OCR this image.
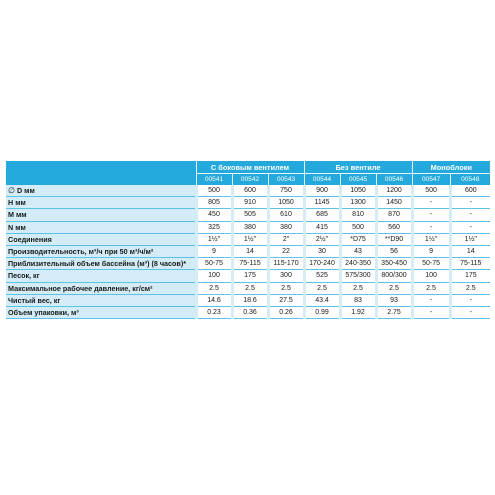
	С боковым вентилем			Без вентиле			Моноблоки	
	00541	00542	00543	00544	00545	00546	00547	00548
∅ D мм	500	600	750	900	1050	1200	500	600
H мм	805	910	1050	1145	1300	1450	-	-
M мм	450	505	610	685	810	870	-	-
N мм	325	380	380	415	500	560	-	-
Соединения	1½"	1½"	2"	2½"	*D75	**D90	1½"	1½"
Производительность, м³/ч при 50 м³/ч/м²	9	14	22	30	43	56	9	14
Приблизительный объем бассейна (м³) (8 часов)*	50-75	75-115	115-170	170-240	240-350	350-450	50-75	75-115
Песок, кг	100	175	300	525	575/300	800/300	100	175
Максимальное рабочее давление, кг/см²	2.5	2.5	2.5	2.5	2.5	2.5	2.5	2.5
Чистый вес, кг	14.6	18.6	27.5	43.4	83	93	-	-
Объем упаковки, м³	0.23	0.36	0.26	0.99	1.92	2.75	-	-
